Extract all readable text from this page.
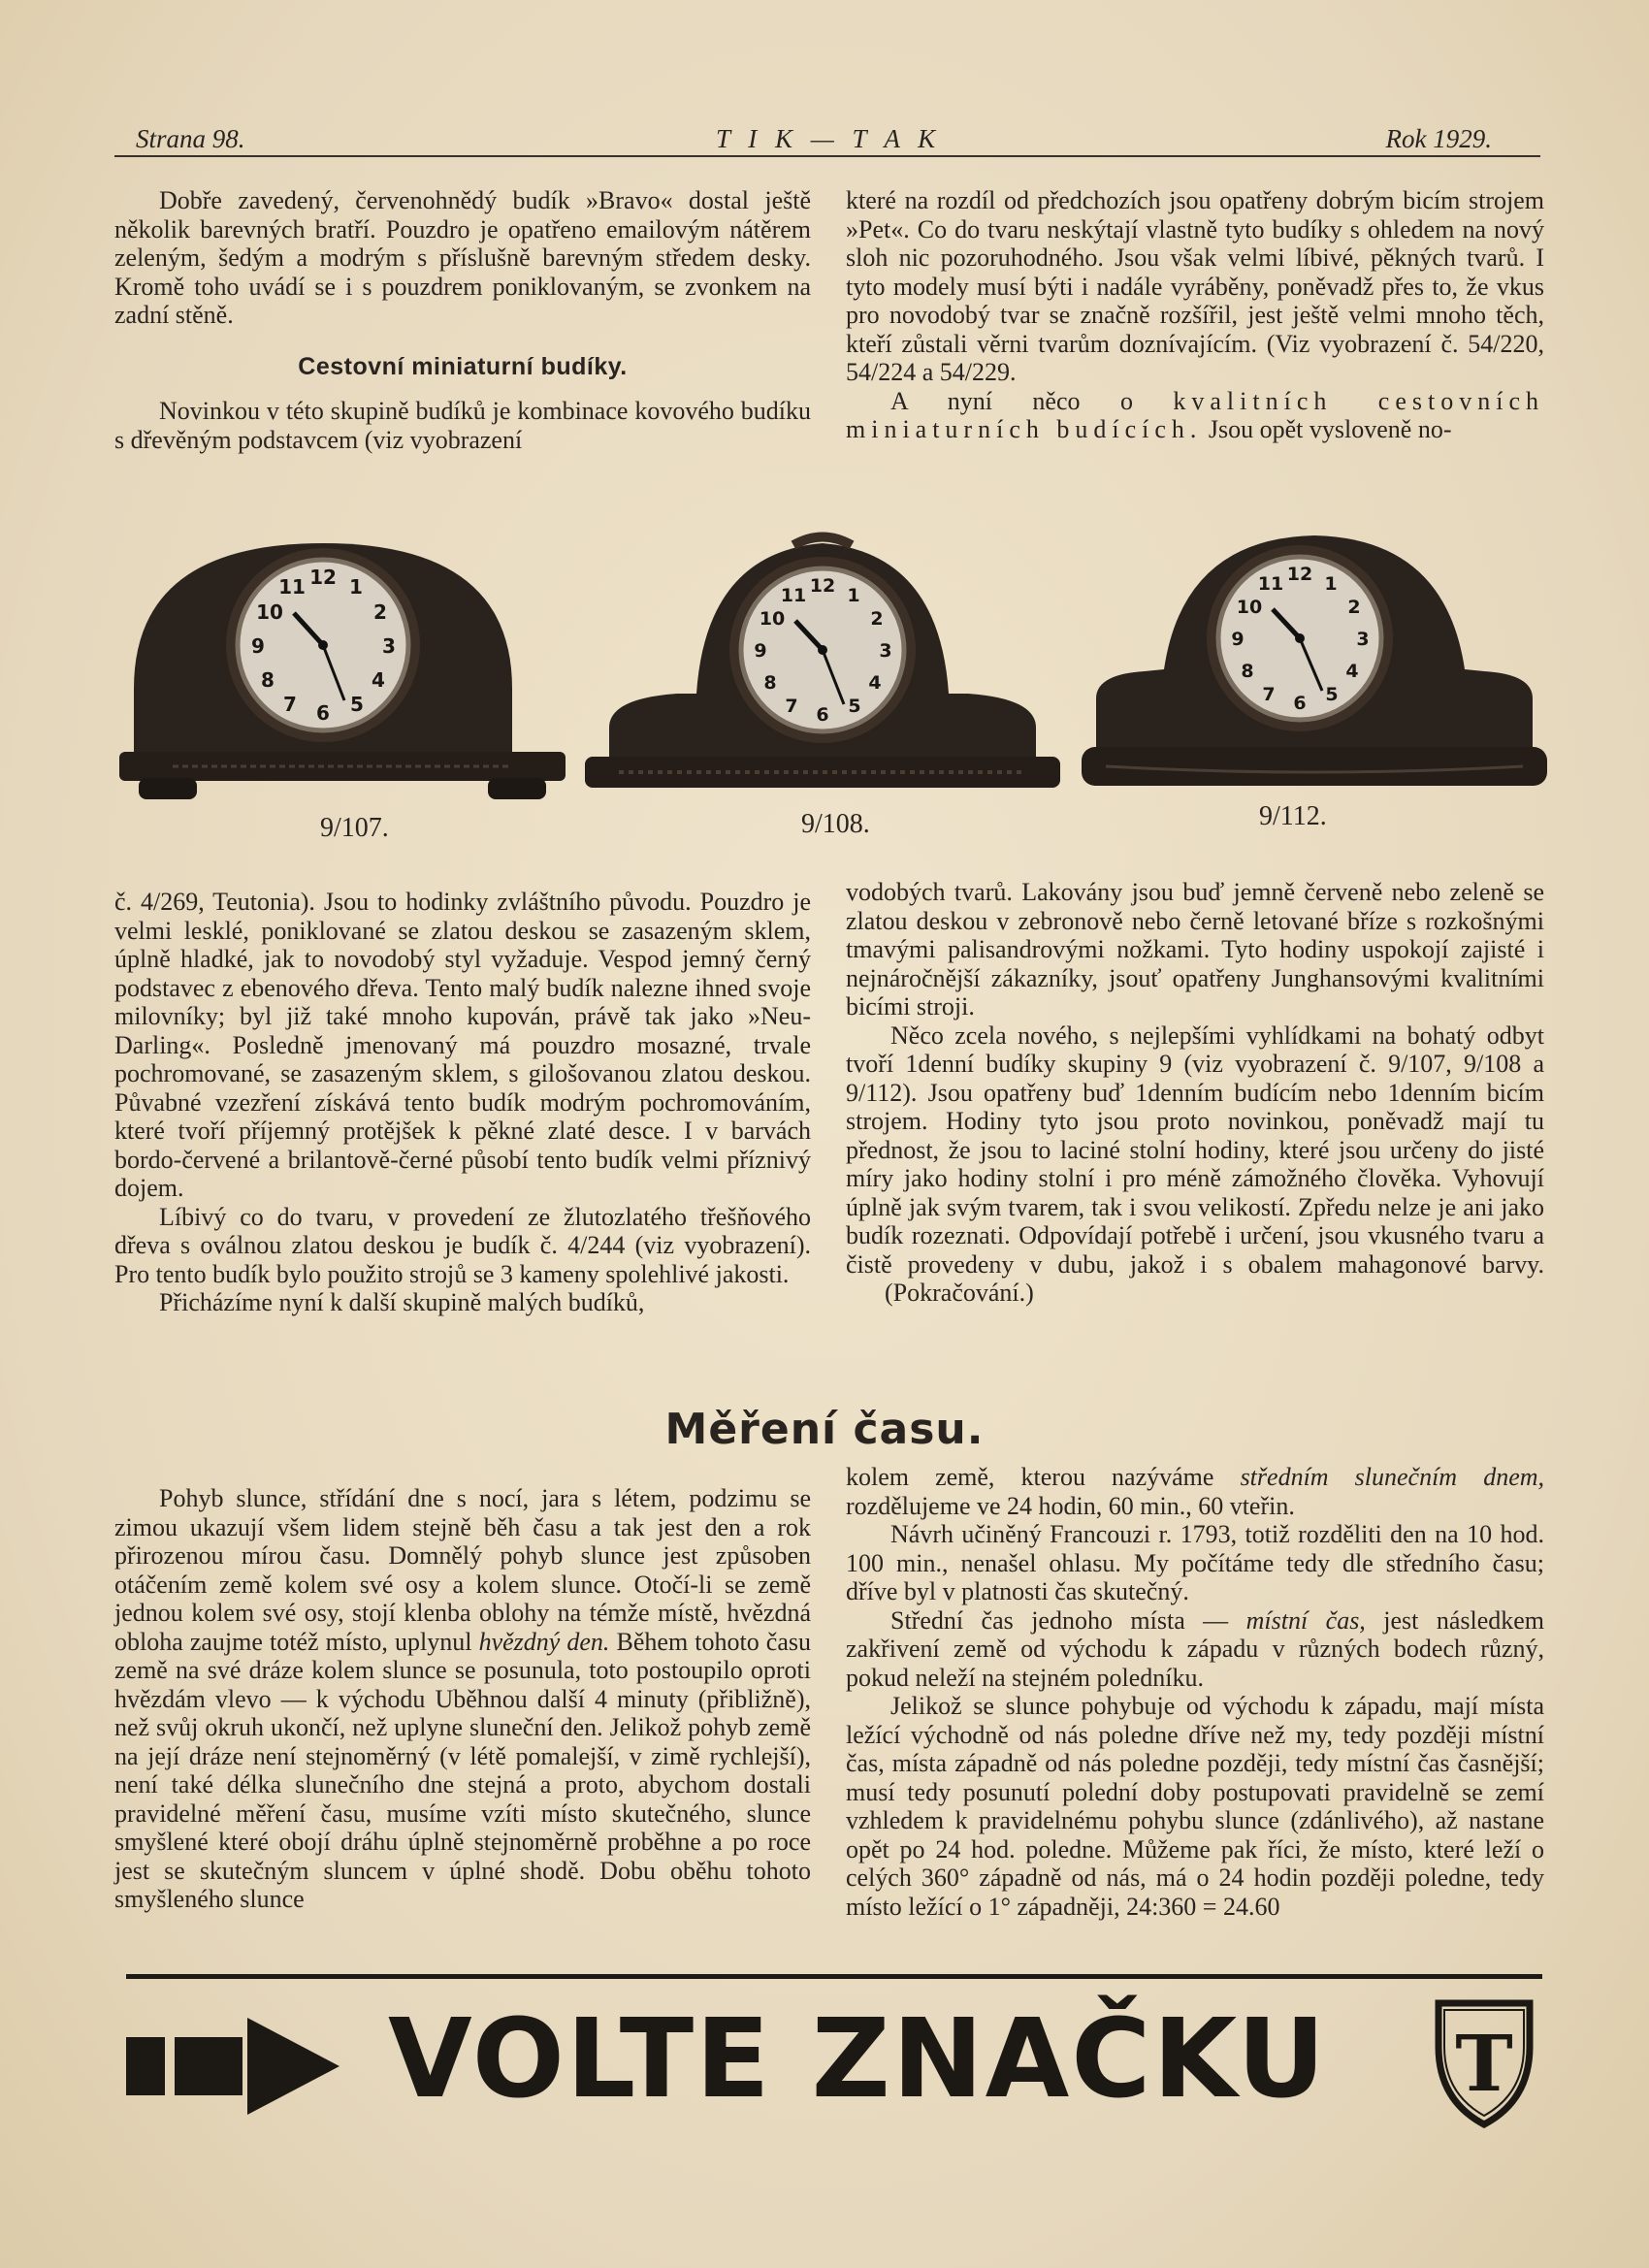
Strana 98.	T I K — T A K	Rok 1929.

Dobře zavedený, červenohnědý budík »Bravo« dostal ještě několik barevných bratří. Pouzdro je opatřeno emailovým nátěrem zeleným, šedým a modrým s příslušně barevným středem desky. Kromě toho uvádí se i s pouzdrem poniklovaným, se zvonkem na zadní stěně.

Cestovní miniaturní budíky.

Novinkou v této skupině budíků je kombinace kovového budíku s dřevěným podstavcem (viz vyobrazení

které na rozdíl od předchozích jsou opatřeny dobrým bicím strojem »Pet«. Co do tvaru neskýtají vlastně tyto budíky s ohledem na nový sloh nic pozoruhodného. Jsou však velmi líbivé, pěkných tvarů. I tyto modely musí býti i nadále vyráběny, poněvadž přes to, že vkus pro novodobý tvar se značně rozšířil, jest ještě velmi mnoho těch, kteří zůstali věrni tvarům doznívajícím. (Viz vyobrazení č. 54/220, 54/224 a 54/229.

A nyní něco o kvalitních cestovních miniaturních budících. Jsou opět vysloveně no-

12 1
2
3
4
5
6
7
8
9
10
11
9/107.
12 1
2
3
4
5
6
7
8
9
10
11
9/108.
12 1
2
3
4
5
6
7
8
9
10
11
9/112.

č. 4/269, Teutonia). Jsou to hodinky zvláštního původu. Pouzdro je velmi lesklé, poniklované se zlatou deskou se zasazeným sklem, úplně hladké, jak to novodobý styl vyžaduje. Vespod jemný černý podstavec z ebenového dřeva. Tento malý budík nalezne ihned svoje milovníky; byl již také mnoho kupován, právě tak jako »Neu-Darling«. Posledně jmenovaný má pouzdro mosazné, trvale pochromované, se zasazeným sklem, s gilošovanou zlatou deskou. Půvabné vzezření získává tento budík modrým pochromováním, které tvoří příjemný protějšek k pěkné zlaté desce. I v barvách bordo-červené a brilantově-černé působí tento budík velmi příznivý dojem.

Líbivý co do tvaru, v provedení ze žlutozlatého třešňového dřeva s oválnou zlatou deskou je budík č. 4/244 (viz vyobrazení). Pro tento budík bylo použito strojů se 3 kameny spolehlivé jakosti.

Přicházíme nyní k další skupině malých budíků,

vodobých tvarů. Lakovány jsou buď jemně červeně nebo zeleně se zlatou deskou v zebronově nebo černě letované bříze s rozkošnými tmavými palisandrovými nožkami. Tyto hodiny uspokojí zajisté i nejnáročnější zákazníky, jsouť opatřeny Junghansovými kvalitními bicími stroji.

Něco zcela nového, s nejlepšími vyhlídkami na bohatý odbyt tvoří 1denní budíky skupiny 9 (viz vyobrazení č. 9/107, 9/108 a 9/112). Jsou opatřeny buď 1denním budícím nebo 1denním bicím strojem. Hodiny tyto jsou proto novinkou, poněvadž mají tu přednost, že jsou to laciné stolní hodiny, které jsou určeny do jisté míry jako hodiny stolní i pro méně zámožného člověka. Vyhovují úplně jak svým tvarem, tak i svou velikostí. Zpředu nelze je ani jako budík rozeznati. Odpovídají potřebě i určení, jsou vkusného tvaru a čistě provedeny v dubu, jakož i s obalem mahagonové barvy. (Pokračování.)

Měření času.

Pohyb slunce, střídání dne s nocí, jara s létem, podzimu se zimou ukazují všem lidem stejně běh času a tak jest den a rok přirozenou mírou času. Domnělý pohyb slunce jest způsoben otáčením země kolem své osy a kolem slunce. Otočí-li se země jednou kolem své osy, stojí klenba oblohy na témže místě, hvězdná obloha zaujme totéž místo, uplynul hvězdný den. Během tohoto času země na své dráze kolem slunce se posunula, toto postoupilo oproti hvězdám vlevo — k východu Uběhnou další 4 minuty (přibližně), než svůj okruh ukončí, než uplyne sluneční den. Jelikož pohyb země na její dráze není stejnoměrný (v létě pomalejší, v zimě rychlejší), není také délka slunečního dne stejná a proto, abychom dostali pravidelné měření času, musíme vzíti místo skutečného, slunce smyšlené které obojí dráhu úplně stejnoměrně proběhne a po roce jest se skutečným sluncem v úplné shodě. Dobu oběhu tohoto smyšleného slunce

kolem země, kterou nazýváme středním slunečním dnem, rozdělujeme ve 24 hodin, 60 min., 60 vteřin.

Návrh učiněný Francouzi r. 1793, totiž rozděliti den na 10 hod. 100 min., nenašel ohlasu. My počítáme tedy dle středního času; dříve byl v platnosti čas skutečný.

Střední čas jednoho místa — místní čas, jest následkem zakřivení země od východu k západu v různých bodech různý, pokud neleží na stejném poledníku.

Jelikož se slunce pohybuje od východu k západu, mají místa ležící východně od nás poledne dříve než my, tedy později místní čas, místa západně od nás poledne později, tedy místní čas časnější; musí tedy posunutí polední doby postupovati pravidelně se zemí vzhledem k pravidelnému pohybu slunce (zdánlivého), až nastane opět po 24 hod. poledne. Můžeme pak říci, že místo, které leží o celých 360° západně od nás, má o 24 hodin později poledne, tedy místo ležící o 1° západněji, 24:360 = 24.60

VOLTE ZNAČKU T
